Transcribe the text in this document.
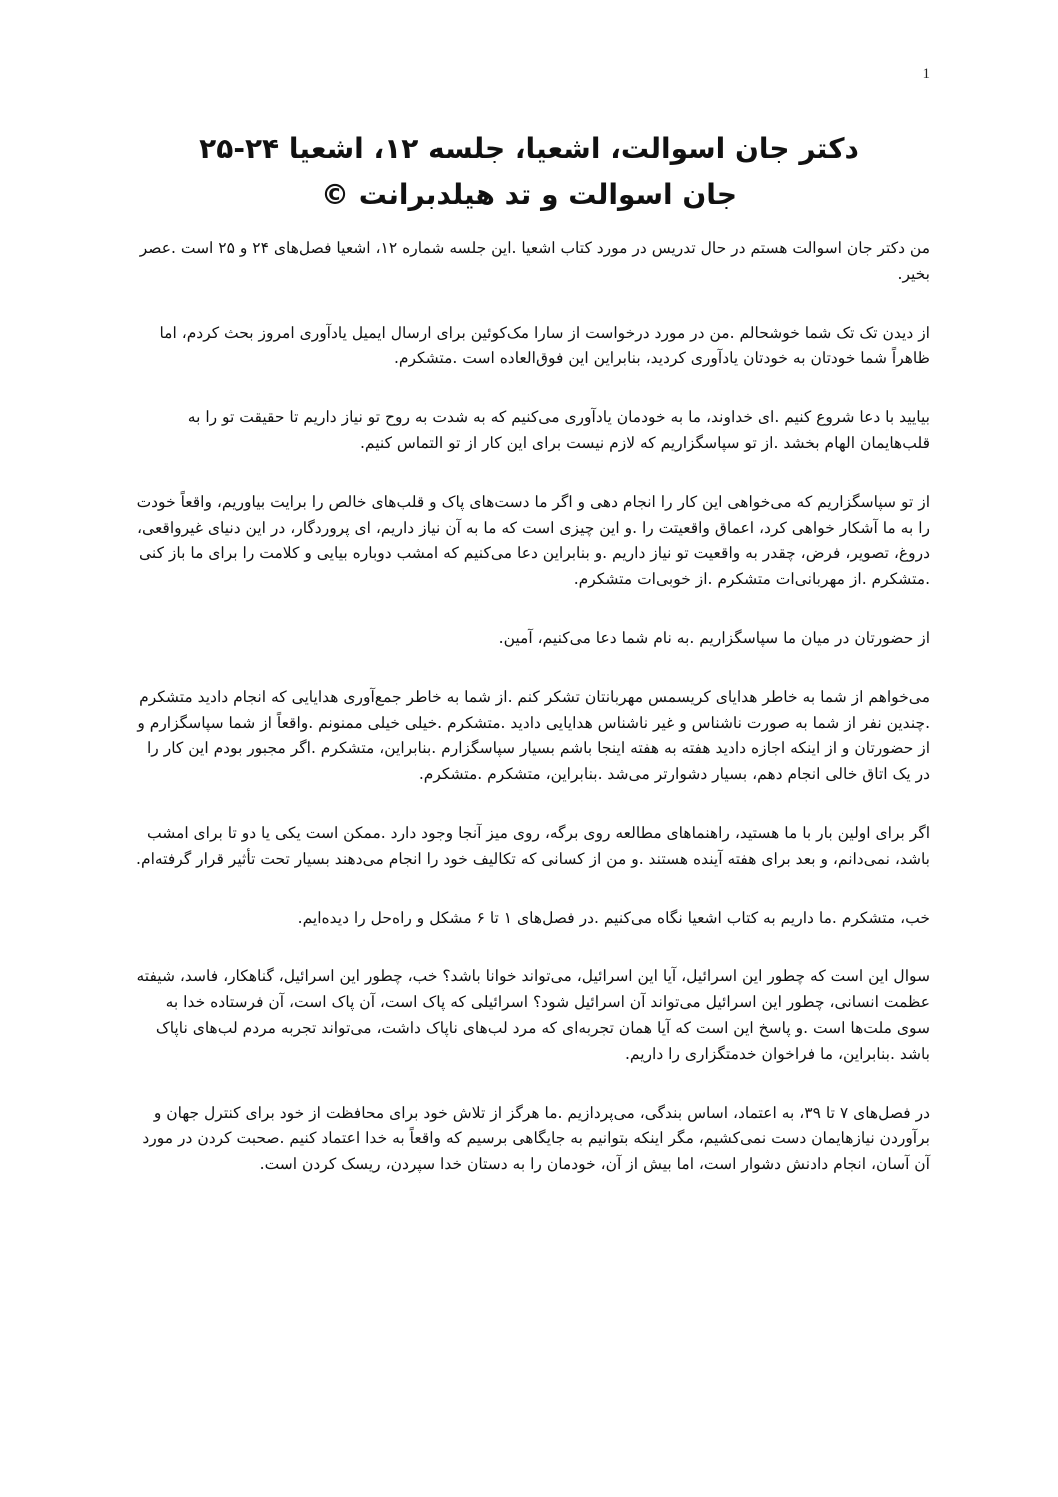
1
دکتر جان اسوالت، اشعیا، جلسه ۱۲، اشعیا ۲۴-۲۵
جان اسوالت و تد هیلدبرانت ©

من دکتر جان اسوالت هستم در حال تدریس در مورد کتاب اشعیا .این جلسه شماره ۱۲، اشعیا فصل‌های ۲۴ و ۲۵ است .عصر بخیر.

از دیدن تک تک شما خوشحالم .من در مورد درخواست از سارا مک‌کوئین برای ارسال ایمیل یادآوری امروز بحث کردم، اما ظاهراً شما خودتان به خودتان یادآوری کردید، بنابراین این فوق‌العاده است .متشکرم.

بیایید با دعا شروع کنیم .ای خداوند، ما به خودمان یادآوری می‌کنیم که به شدت به روح تو نیاز داریم تا حقیقت تو را به قلب‌هایمان الهام بخشد .از تو سپاسگزاریم که لازم نیست برای این کار از تو التماس کنیم.

از تو سپاسگزاریم که می‌خواهی این کار را انجام دهی و اگر ما دست‌های پاک و قلب‌های خالص را برایت بیاوریم، واقعاً خودت را به ما آشکار خواهی کرد، اعماق واقعیتت را .و این چیزی است که ما به آن نیاز داریم، ای پروردگار، در این دنیای غیرواقعی، دروغ، تصویر، فرض، چقدر به واقعیت تو نیاز داریم .و بنابراین دعا می‌کنیم که امشب دوباره بیایی و کلامت را برای ما باز کنی .متشکرم .از مهربانی‌ات متشکرم .از خوبی‌ات متشکرم.

از حضورتان در میان ما سپاسگزاریم .به نام شما دعا می‌کنیم، آمین.

می‌خواهم از شما به خاطر هدایای کریسمس مهربانتان تشکر کنم .از شما به خاطر جمع‌آوری هدایایی که انجام دادید متشکرم .چندین نفر از شما به صورت ناشناس و غیر ناشناس هدایایی دادید .متشکرم .خیلی خیلی ممنونم .واقعاً از شما سپاسگزارم و از حضورتان و از اینکه اجازه دادید هفته به هفته اینجا باشم بسیار سپاسگزارم .بنابراین، متشکرم .اگر مجبور بودم این کار را در یک اتاق خالی انجام دهم، بسیار دشوارتر می‌شد .بنابراین، متشکرم .متشکرم.

اگر برای اولین بار با ما هستید، راهنماهای مطالعه روی برگه، روی میز آنجا وجود دارد .ممکن است یکی یا دو تا برای امشب باشد، نمی‌دانم، و بعد برای هفته آینده هستند .و من از کسانی که تکالیف خود را انجام می‌دهند بسیار تحت تأثیر قرار گرفته‌ام.

خب، متشکرم .ما داریم به کتاب اشعیا نگاه می‌کنیم .در فصل‌های ۱ تا ۶ مشکل و راه‌حل را دیده‌ایم.

سوال این است که چطور این اسرائیل، آیا این اسرائیل، می‌تواند خوانا باشد؟ خب، چطور این اسرائیل، گناهکار، فاسد، شیفته عظمت انسانی، چطور این اسرائیل می‌تواند آن اسرائیل شود؟ اسرائیلی که پاک است، آن پاک است، آن فرستاده خدا به سوی ملت‌ها است .و پاسخ این است که آیا همان تجربه‌ای که مرد لب‌های ناپاک داشت، می‌تواند تجربه مردم لب‌های ناپاک باشد .بنابراین، ما فراخوان خدمتگزاری را داریم.

در فصل‌های ۷ تا ۳۹، به اعتماد، اساس بندگی، می‌پردازیم .ما هرگز از تلاش خود برای محافظت از خود برای کنترل جهان و برآوردن نیازهایمان دست نمی‌کشیم، مگر اینکه بتوانیم به جایگاهی برسیم که واقعاً به خدا اعتماد کنیم .صحبت کردن در مورد آن آسان، انجام دادنش دشوار است، اما بیش از آن، خودمان را به دستان خدا سپردن، ریسک کردن است.
